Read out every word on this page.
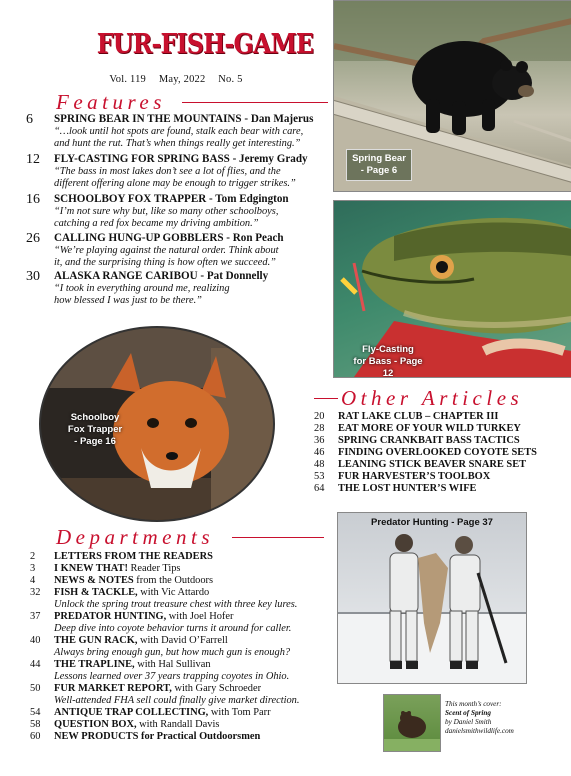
FUR-FISH-GAME
Vol. 119 May, 2022 No. 5
Features
6	SPRING BEAR IN THE MOUNTAINS - Dan Majerus
“…look until hot spots are found, stalk each bear with care,
and hunt the rut. That’s when things really get interesting.”
12	FLY-CASTING FOR SPRING BASS - Jeremy Grady
“The bass in most lakes don’t see a lot of flies, and the
different offering alone may be enough to trigger strikes.”
16	SCHOOLBOY FOX TRAPPER - Tom Edgington
“I’m not sure why but, like so many other schoolboys,
catching a red fox became my driving ambition.”
26	CALLING HUNG-UP GOBBLERS - Ron Peach
“We’re playing against the natural order. Think about
it, and the surprising thing is how often we succeed.”
30	ALASKA RANGE CARIBOU - Pat Donnelly
“I took in everything around me, realizing
how blessed I was just to be there.”
Spring Bear
- Page 6
Fly-Casting
for Bass - Page 12
Schoolboy
Fox Trapper
- Page 16
Other Articles
20 RAT LAKE CLUB – CHAPTER III
28 EAT MORE OF YOUR WILD TURKEY
36 SPRING CRANKBAIT BASS TACTICS
46 FINDING OVERLOOKED COYOTE SETS
48 LEANING STICK BEAVER SNARE SET
53 FUR HARVESTER’S TOOLBOX
64 THE LOST HUNTER’S WIFE
Predator Hunting - Page 37
Departments
2	LETTERS FROM THE READERS
3	I KNEW THAT! Reader Tips
4	NEWS & NOTES from the Outdoors
32	FISH & TACKLE, with Vic Attardo
Unlock the spring trout treasure chest with three key lures.
37	PREDATOR HUNTING, with Joel Hofer
Deep dive into coyote behavior turns it around for caller.
40	THE GUN RACK, with David O’Farrell
Always bring enough gun, but how much gun is enough?
44	THE TRAPLINE, with Hal Sullivan
Lessons learned over 37 years trapping coyotes in Ohio.
50	FUR MARKET REPORT, with Gary Schroeder
Well-attended FHA sell could finally give market direction.
54	ANTIQUE TRAP COLLECTING, with Tom Parr
58	QUESTION BOX, with Randall Davis
60	NEW PRODUCTS for Practical Outdoorsmen
This month’s cover:
Scent of Spring
by Daniel Smith
danielsmithwildlife.com
